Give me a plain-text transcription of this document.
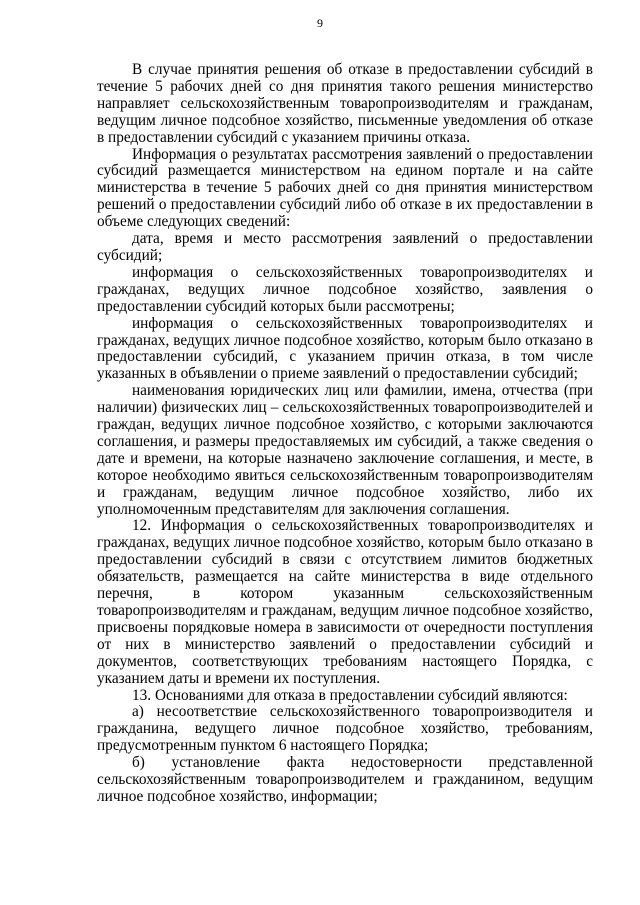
9

В случае принятия решения об отказе в предоставлении субсидий в течение 5 рабочих дней со дня принятия такого решения министерство направляет сельскохозяйственным товаропроизводителям и гражданам, ведущим личное подсобное хозяйство, письменные уведомления об отказе в предоставлении субсидий с указанием причины отказа.

Информация о результатах рассмотрения заявлений о предоставлении субсидий размещается министерством на едином портале и на сайте министерства в течение 5 рабочих дней со дня принятия министерством решений о предоставлении субсидий либо об отказе в их предоставлении в объеме следующих сведений:

дата, время и место рассмотрения заявлений о предоставлении субсидий;

информация о сельскохозяйственных товаропроизводителях и гражданах, ведущих личное подсобное хозяйство, заявления о предоставлении субсидий которых были рассмотрены;

информация о сельскохозяйственных товаропроизводителях и гражданах, ведущих личное подсобное хозяйство, которым было отказано в предоставлении субсидий, с указанием причин отказа, в том числе указанных в объявлении о приеме заявлений о предоставлении субсидий;

наименования юридических лиц или фамилии, имена, отчества (при наличии) физических лиц – сельскохозяйственных товаропроизводителей и граждан, ведущих личное подсобное хозяйство, с которыми заключаются соглашения, и размеры предоставляемых им субсидий, а также сведения о дате и времени, на которые назначено заключение соглашения, и месте, в которое необходимо явиться сельскохозяйственным товаропроизводителям и гражданам, ведущим личное подсобное хозяйство, либо их уполномоченным представителям для заключения соглашения.

12. Информация о сельскохозяйственных товаропроизводителях и гражданах, ведущих личное подсобное хозяйство, которым было отказано в предоставлении субсидий в связи с отсутствием лимитов бюджетных обязательств, размещается на сайте министерства в виде отдельного перечня, в котором указанным сельскохозяйственным товаропроизводителям и гражданам, ведущим личное подсобное хозяйство, присвоены порядковые номера в зависимости от очередности поступления от них в министерство заявлений о предоставлении субсидий и документов, соответствующих требованиям настоящего Порядка, с указанием даты и времени их поступления.

13. Основаниями для отказа в предоставлении субсидий являются:

а) несоответствие сельскохозяйственного товаропроизводителя и гражданина, ведущего личное подсобное хозяйство, требованиям, предусмотренным пунктом 6 настоящего Порядка;

б) установление факта недостоверности представленной сельскохозяйственным товаропроизводителем и гражданином, ведущим личное подсобное хозяйство, информации;
